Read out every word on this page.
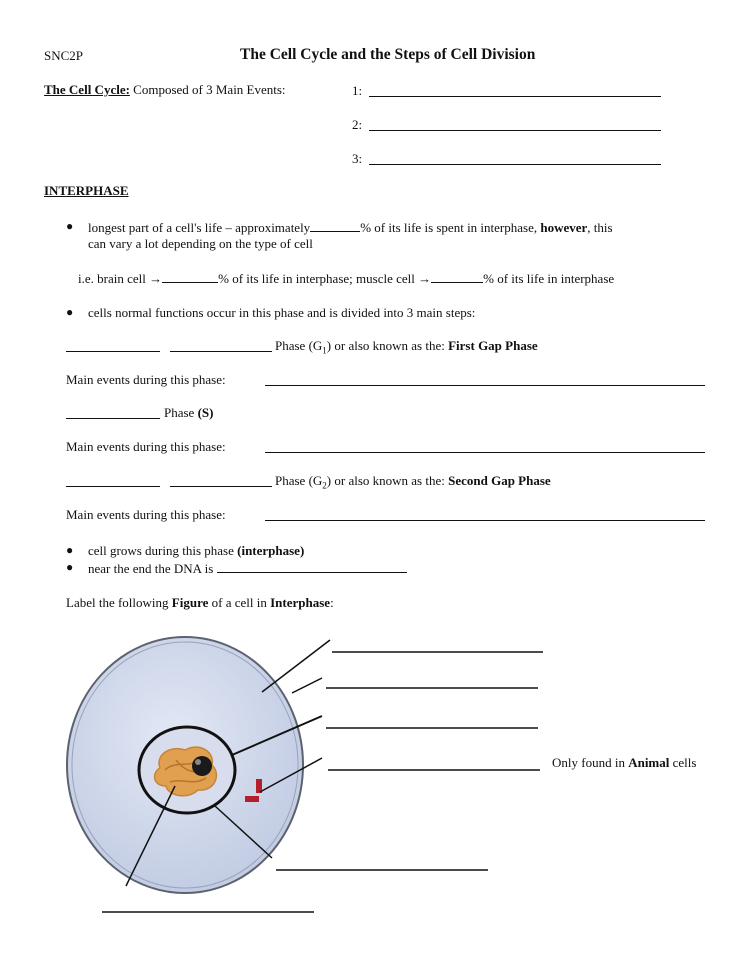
SNC2P	The Cell Cycle and the Steps of Cell Division
The Cell Cycle: Composed of 3 Main Events:	1:
2:
3:
INTERPHASE
● longest part of a cell's life – approximately	% of its life is spent in interphase, however, this
can vary a lot depending on the type of cell
i.e. brain cell →	% of its life in interphase; muscle cell →	% of its life in interphase
● cells normal functions occur in this phase and is divided into 3 main steps:
Phase $(G_1)$ or also known as the: First Gap Phase
Main events during this phase:
Phase (S)
Main events during this phase:
Phase $(G_2)$ or also known as the: Second Gap Phase
Main events during this phase:
● cell grows during this phase (interphase)
● near the end the DNA is
Label the following Figure of a cell in Interphase:
Only found in Animal cells
